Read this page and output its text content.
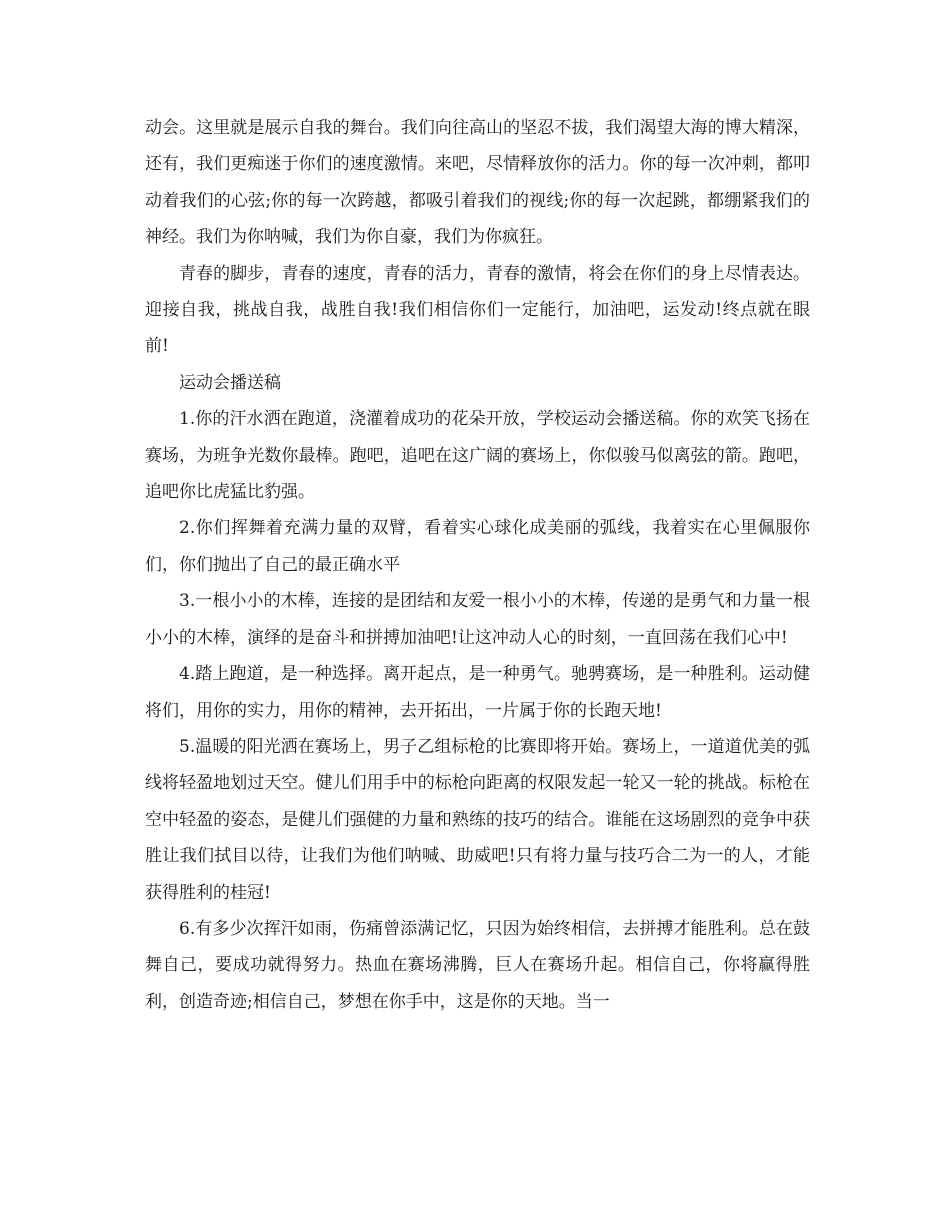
动会。这里就是展示自我的舞台。我们向往高山的坚忍不拔，我们渴望大海的博大精深，还有，我们更痴迷于你们的速度激情。来吧，尽情释放你的活力。你的每一次冲刺，都叩动着我们的心弦;你的每一次跨越，都吸引着我们的视线;你的每一次起跳，都绷紧我们的神经。我们为你呐喊，我们为你自豪，我们为你疯狂。

青春的脚步，青春的速度，青春的活力，青春的激情，将会在你们的身上尽情表达。迎接自我，挑战自我，战胜自我!我们相信你们一定能行，加油吧，运发动!终点就在眼前!

运动会播送稿

1.你的汗水洒在跑道，浇灌着成功的花朵开放，学校运动会播送稿。你的欢笑飞扬在赛场，为班争光数你最棒。跑吧，追吧在这广阔的赛场上，你似骏马似离弦的箭。跑吧，追吧你比虎猛比豹强。

2.你们挥舞着充满力量的双臂，看着实心球化成美丽的弧线，我着实在心里佩服你们，你们抛出了自己的最正确水平

3.一根小小的木棒，连接的是团结和友爱一根小小的木棒，传递的是勇气和力量一根小小的木棒，演绎的是奋斗和拼搏加油吧!让这冲动人心的时刻，一直回荡在我们心中!

4.踏上跑道，是一种选择。离开起点，是一种勇气。驰骋赛场，是一种胜利。运动健将们，用你的实力，用你的精神，去开拓出，一片属于你的长跑天地!

5.温暖的阳光洒在赛场上，男子乙组标枪的比赛即将开始。赛场上，一道道优美的弧线将轻盈地划过天空。健儿们用手中的标枪向距离的权限发起一轮又一轮的挑战。标枪在空中轻盈的姿态，是健儿们强健的力量和熟练的技巧的结合。谁能在这场剧烈的竞争中获胜让我们拭目以待，让我们为他们呐喊、助威吧!只有将力量与技巧合二为一的人，才能获得胜利的桂冠!

6.有多少次挥汗如雨，伤痛曾添满记忆，只因为始终相信，去拼搏才能胜利。总在鼓舞自己，要成功就得努力。热血在赛场沸腾，巨人在赛场升起。相信自己，你将赢得胜利，创造奇迹;相信自己，梦想在你手中，这是你的天地。当一
